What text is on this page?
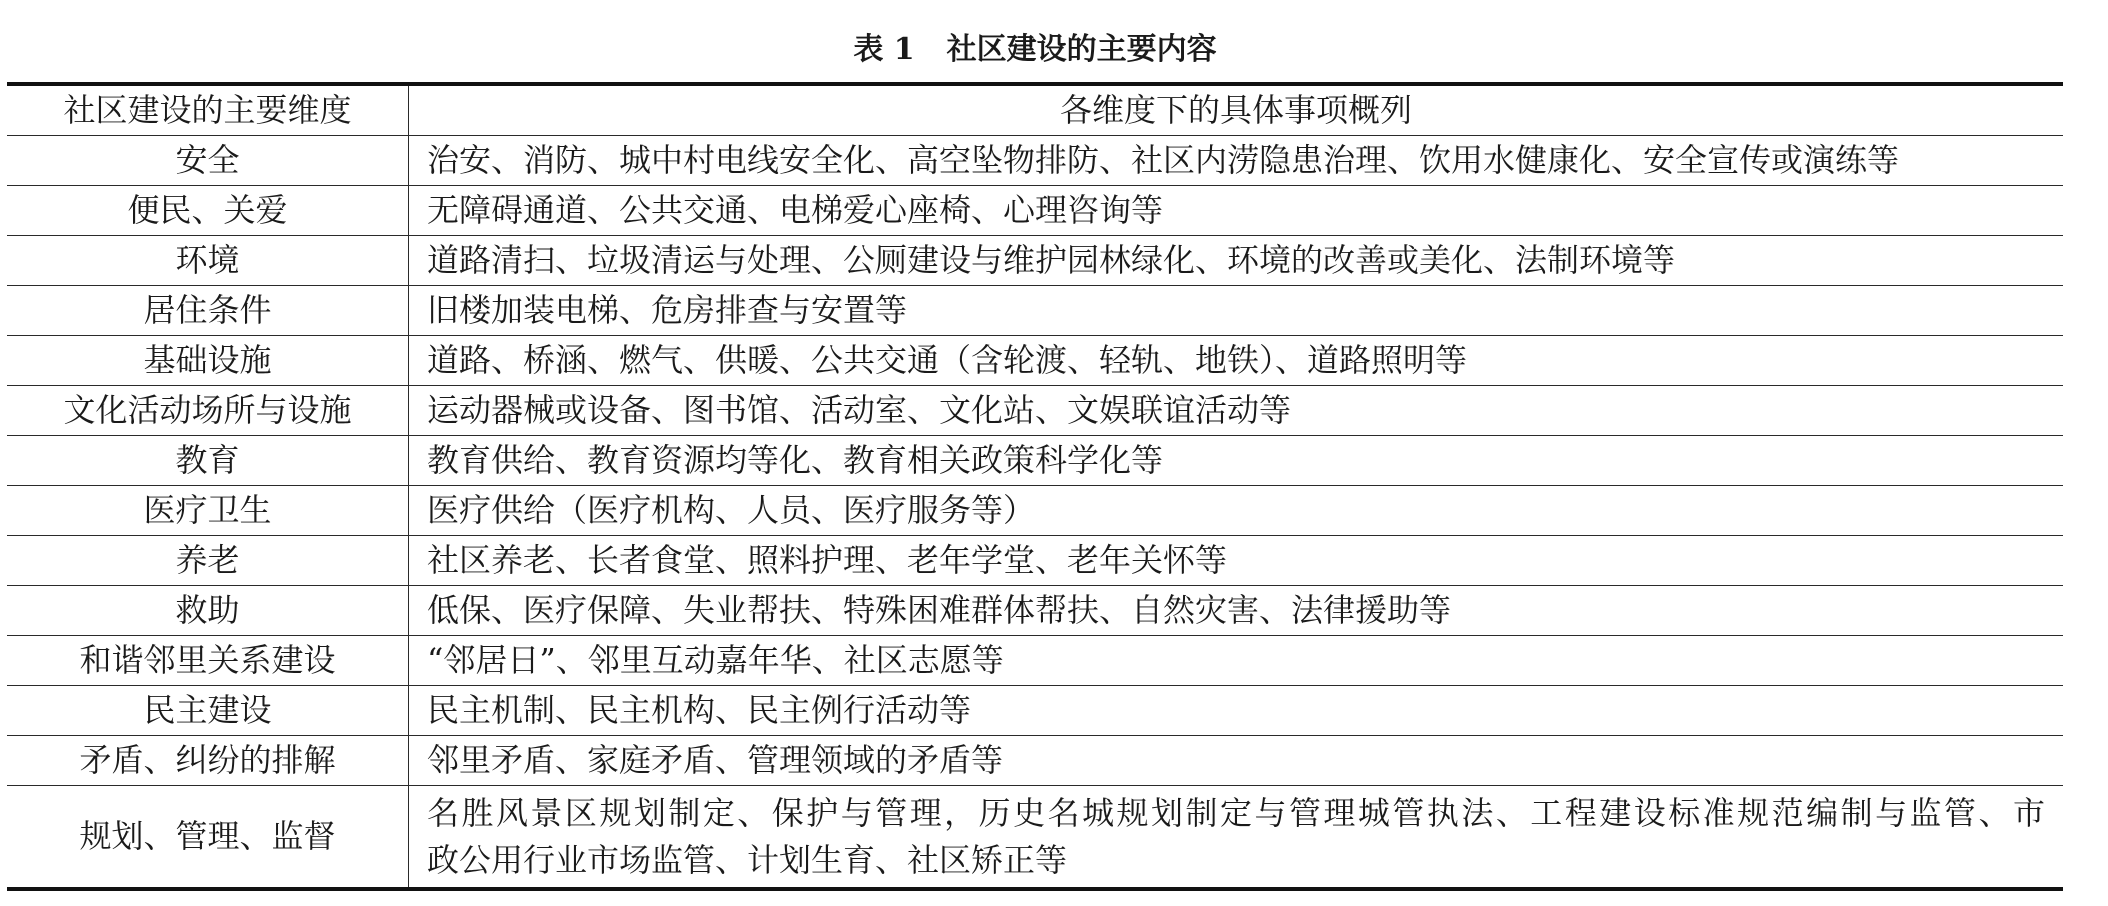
表 1 社区建设的主要内容
社区建设的主要维度	各维度下的具体事项概列
安全	治安、消防、城中村电线安全化、高空坠物排防、社区内涝隐患治理、饮用水健康化、安全宣传或演练等
便民、关爱	无障碍通道、公共交通、电梯爱心座椅、心理咨询等
环境	道路清扫、垃圾清运与处理、公厕建设与维护园林绿化、环境的改善或美化、法制环境等
居住条件	旧楼加装电梯、危房排查与安置等
基础设施	道路、桥涵、燃气、供暖、公共交通（含轮渡、轻轨、地铁）、道路照明等
文化活动场所与设施	运动器械或设备、图书馆、活动室、文化站、文娱联谊活动等
教育	教育供给、教育资源均等化、教育相关政策科学化等
医疗卫生	医疗供给（医疗机构、人员、医疗服务等）
养老	社区养老、长者食堂、照料护理、老年学堂、老年关怀等
救助	低保、医疗保障、失业帮扶、特殊困难群体帮扶、自然灾害、法律援助等
和谐邻里关系建设	“邻居日”、邻里互动嘉年华、社区志愿等
民主建设	民主机制、民主机构、民主例行活动等
矛盾、纠纷的排解	邻里矛盾、家庭矛盾、管理领域的矛盾等
规划、管理、监督	名胜风景区规划制定、保护与管理，历史名城规划制定与管理城管执法、工程建设标准规范编制与监管、市
政公用行业市场监管、计划生育、社区矫正等
